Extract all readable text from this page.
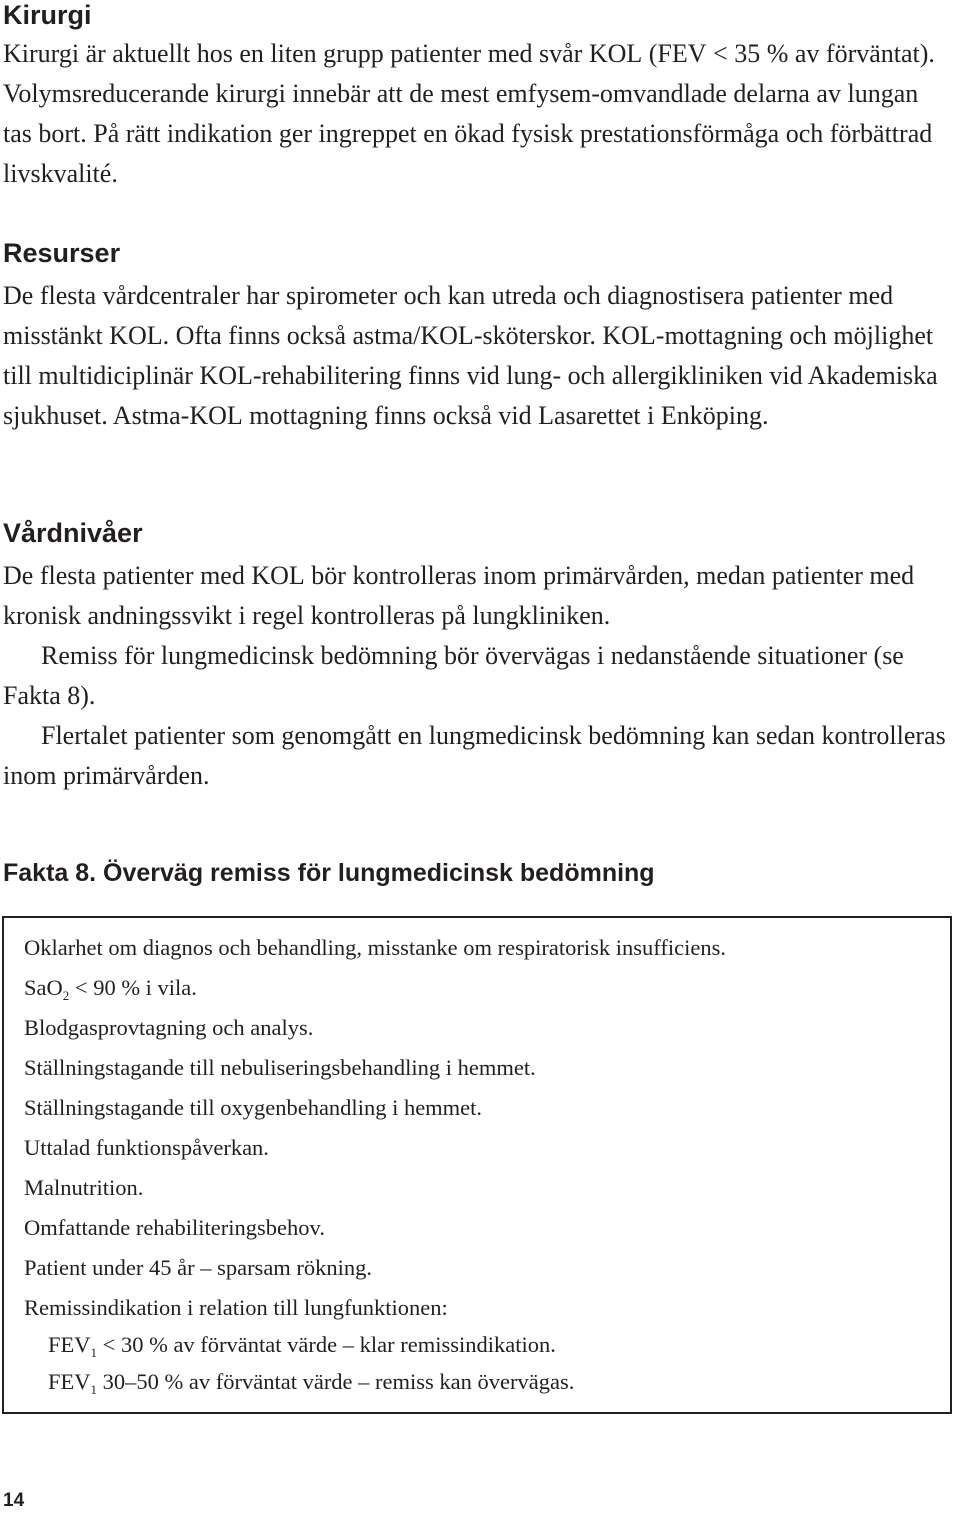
Kirurgi

Kirurgi är aktuellt hos en liten grupp patienter med svår KOL (FEV < 35 % av förväntat). Volymsreducerande kirurgi innebär att de mest emfysem-omvandlade delarna av lungan tas bort. På rätt indikation ger ingreppet en ökad fysisk prestationsförmåga och förbättrad livskvalité.

Resurser

De flesta vårdcentraler har spirometer och kan utreda och diagnostisera patienter med misstänkt KOL. Ofta finns också astma/KOL-sköterskor. KOL-mottagning och möjlighet till multidiciplinär KOL-rehabilitering finns vid lung- och allergikliniken vid Akademiska sjukhuset. Astma-KOL mottagning finns också vid Lasarettet i Enköping.

Vårdnivåer

De flesta patienter med KOL bör kontrolleras inom primärvården, medan patienter med kronisk andningssvikt i regel kontrolleras på lungkliniken.

Remiss för lungmedicinsk bedömning bör övervägas i nedanstående situationer (se Fakta 8).

Flertalet patienter som genomgått en lungmedicinsk bedömning kan sedan kontrolleras inom primärvården.

Fakta 8. Överväg remiss för lungmedicinsk bedömning

Oklarhet om diagnos och behandling, misstanke om respiratorisk insufficiens.

SaO$_2$ < 90 % i vila.

Blodgasprovtagning och analys.

Ställningstagande till nebuliseringsbehandling i hemmet.

Ställningstagande till oxygenbehandling i hemmet.

Uttalad funktionspåverkan.

Malnutrition.

Omfattande rehabiliteringsbehov.

Patient under 45 år – sparsam rökning.

Remissindikation i relation till lungfunktionen:

$FEV_1 < 30$ % av förväntat värde – klar remissindikation.

$FEV_1$ 30–50 % av förväntat värde – remiss kan övervägas.

14
